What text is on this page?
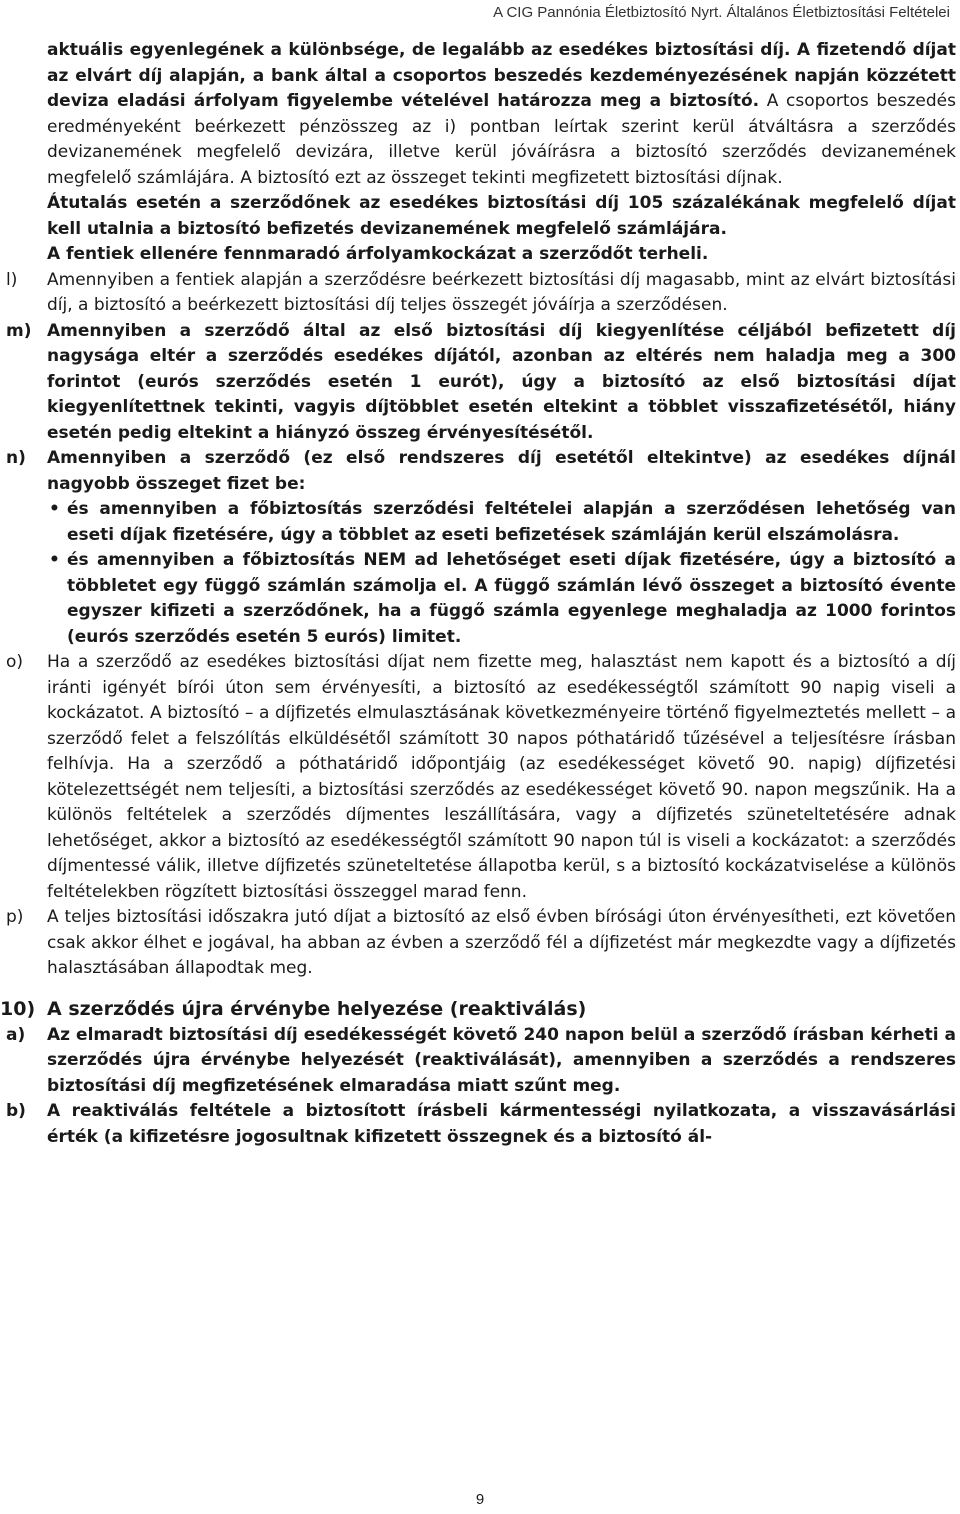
A CIG Pannónia Életbiztosító Nyrt. Általános Életbiztosítási Feltételei
aktuális egyenlegének a különbsége, de legalább az esedékes biztosítási díj. A fizetendő díjat az elvárt díj alapján, a bank által a csoportos beszedés kezdeményezésének napján közzétett deviza eladási árfolyam figyelembe vételével határozza meg a biztosító. A csoportos beszedés eredményeként beérkezett pénzösszeg az i) pontban leírtak szerint kerül átváltásra a szerződés devizanemének megfelelő devizára, illetve kerül jóváírásra a biztosító szerződés devizanemének megfelelő számlájára. A biztosító ezt az összeget tekinti megfizetett biztosítási díjnak.
Átutalás esetén a szerződőnek az esedékes biztosítási díj 105 százalékának megfelelő díjat kell utalnia a biztosító befizetés devizanemének megfelelő számlájára.
A fentiek ellenére fennmaradó árfolyamkockázat a szerződőt terheli.
l) Amennyiben a fentiek alapján a szerződésre beérkezett biztosítási díj magasabb, mint az elvárt biztosítási díj, a biztosító a beérkezett biztosítási díj teljes összegét jóváírja a szerződésen.
m) Amennyiben a szerződő által az első biztosítási díj kiegyenlítése céljából befizetett díj nagysága eltér a szerződés esedékes díjától, azonban az eltérés nem haladja meg a 300 forintot (eurós szerződés esetén 1 eurót), úgy a biztosító az első biztosítási díjat kiegyenlítettnek tekinti, vagyis díjtöbblet esetén eltekint a többlet visszafizetésétől, hiány esetén pedig eltekint a hiányzó összeg érvényesítésétől.
n) Amennyiben a szerződő (ez első rendszeres díj esetétől eltekintve) az esedékes díjnál nagyobb összeget fizet be:
• és amennyiben a főbiztosítás szerződési feltételei alapján a szerződésen lehetőség van eseti díjak fizetésére, úgy a többlet az eseti befizetések számláján kerül elszámolásra.
• és amennyiben a főbiztosítás NEM ad lehetőséget eseti díjak fizetésére, úgy a biztosító a többletet egy függő számlán számolja el. A függő számlán lévő összeget a biztosító évente egyszer kifizeti a szerződőnek, ha a függő számla egyenlege meghaladja az 1000 forintos (eurós szerződés esetén 5 eurós) limitet.
o) Ha a szerződő az esedékes biztosítási díjat nem fizette meg, halasztást nem kapott és a biztosító a díj iránti igényét bírói úton sem érvényesíti, a biztosító az esedékességtől számított 90 napig viseli a kockázatot. A biztosító – a díjfizetés elmulasztásának következményeire történő figyelmeztetés mellett – a szerződő felet a felszólítás elküldésétől számított 30 napos póthatáridő tűzésével a teljesítésre írásban felhívja. Ha a szerződő a póthatáridő időpontjáig (az esedékességet követő 90. napig) díjfizetési kötelezettségét nem teljesíti, a biztosítási szerződés az esedékességet követő 90. napon megszűnik. Ha a különös feltételek a szerződés díjmentes leszállítására, vagy a díjfizetés szüneteltetésére adnak lehetőséget, akkor a biztosító az esedékességtől számított 90 napon túl is viseli a kockázatot: a szerződés díjmentessé válik, illetve díjfizetés szüneteltetése állapotba kerül, s a biztosító kockázatviselése a különös feltételekben rögzített biztosítási összeggel marad fenn.
p) A teljes biztosítási időszakra jutó díjat a biztosító az első évben bírósági úton érvényesítheti, ezt követően csak akkor élhet e jogával, ha abban az évben a szerződő fél a díjfizetést már megkezdte vagy a díjfizetés halasztásában állapodtak meg.
10) A szerződés újra érvénybe helyezése (reaktiválás)
a) Az elmaradt biztosítási díj esedékességét követő 240 napon belül a szerződő írásban kérheti a szerződés újra érvénybe helyezését (reaktiválását), amennyiben a szerződés a rendszeres biztosítási díj megfizetésének elmaradása miatt szűnt meg.
b) A reaktiválás feltétele a biztosított írásbeli kármentességi nyilatkozata, a visszavásárlási érték (a kifizetésre jogosultnak kifizetett összegnek és a biztosító ál-
9
